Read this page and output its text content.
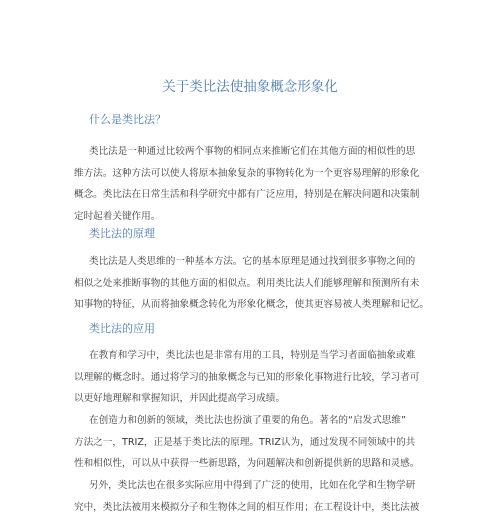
关于类比法使抽象概念形象化
什么是类比法？
类比法是一种通过比较两个事物的相同点来推断它们在其他方面的相似性的思
维方法。这种方法可以使人将原本抽象复杂的事物转化为一个更容易理解的形象化
概念。类比法在日常生活和科学研究中都有广泛应用，特别是在解决问题和决策制
定时起着关键作用。
类比法的原理
类比法是人类思维的一种基本方法。它的基本原理是通过找到很多事物之间的
相似之处来推断事物的其他方面的相似点。利用类比法人们能够理解和预测所有未
知事物的特征，从而将抽象概念转化为形象化概念，使其更容易被人类理解和记忆。
类比法的应用
在教育和学习中，类比法也是非常有用的工具，特别是当学习者面临抽象或难
以理解的概念时。通过将学习的抽象概念与已知的形象化事物进行比较，学习者可
以更好地理解和掌握知识，并因此提高学习成绩。
在创造力和创新的领域，类比法也扮演了重要的角色。著名的“启发式思维”
方法之一，TRIZ，正是基于类比法的原理。TRIZ认为，通过发现不同领域中的共
性和相似性，可以从中获得一些新思路，为问题解决和创新提供新的思路和灵感。
另外，类比法也在很多实际应用中得到了广泛的使用，比如在化学和生物学研
究中，类比法被用来模拟分子和生物体之间的相互作用；在工程设计中，类比法被
